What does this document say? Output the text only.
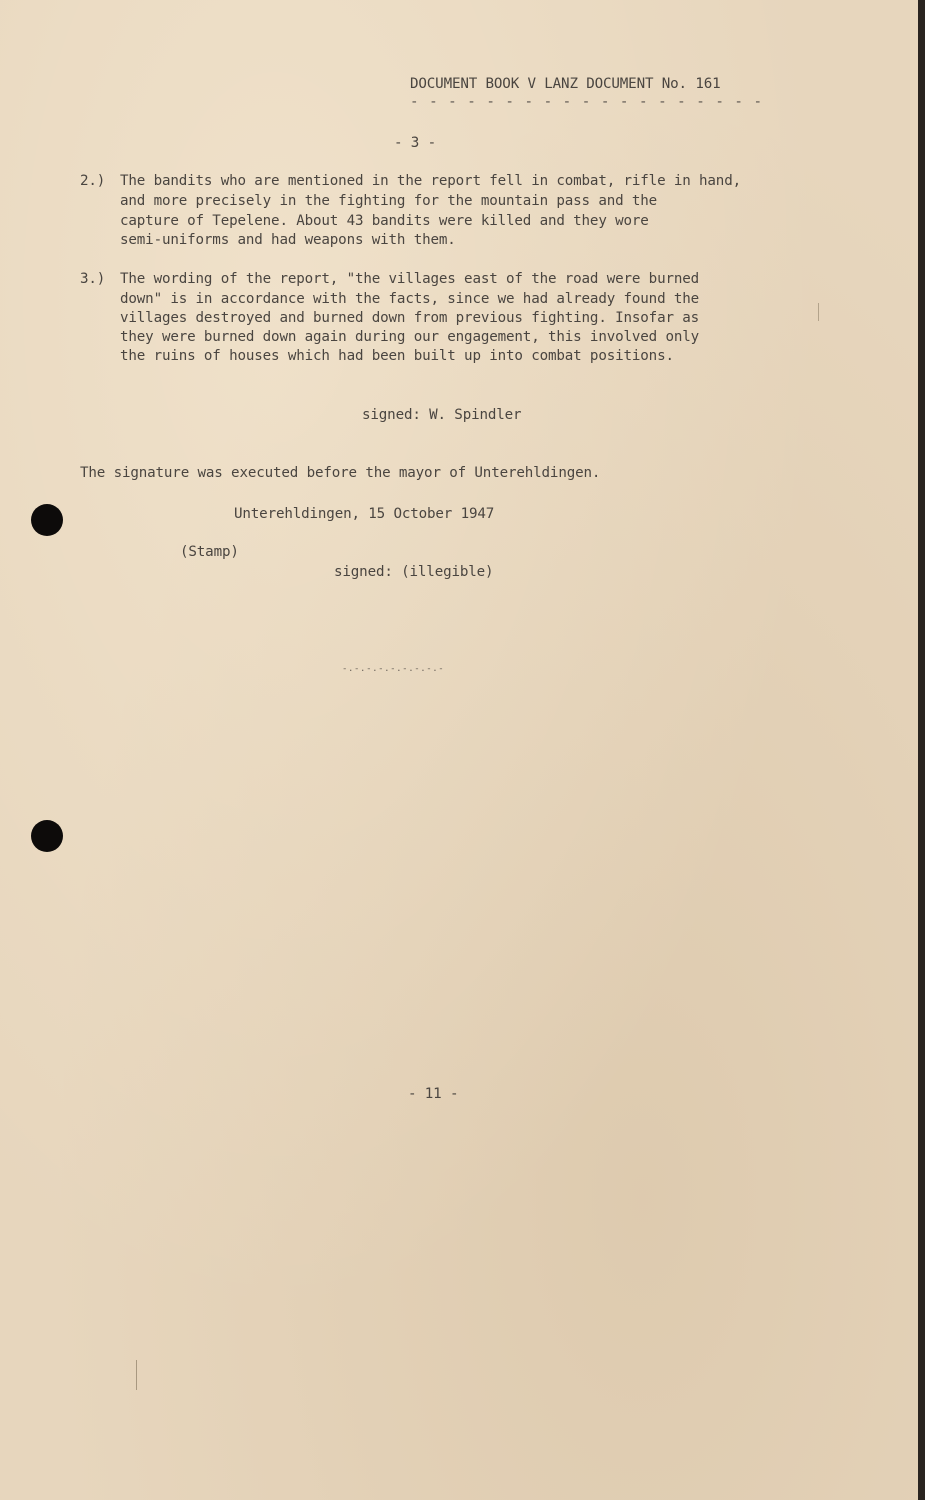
DOCUMENT BOOK V LANZ DOCUMENT No. 161
- - - - - - - - - - - - - - - - - - -
- 3 -
2.) The bandits who are mentioned in the report fell in combat, rifle in hand,
and more precisely in the fighting for the mountain pass and the
capture of Tepelene. About 43 bandits were killed and they wore
semi-uniforms and had weapons with them.
3.) The wording of the report, "the villages east of the road were burned
down" is in accordance with the facts, since we had already found the
villages destroyed and burned down from previous fighting. Insofar as
they were burned down again during our engagement, this involved only
the ruins of houses which had been built up into combat positions.
signed: W. Spindler
The signature was executed before the mayor of Unterehldingen.
Unterehldingen, 15 October 1947
(Stamp)
signed: (illegible)
-.-.-.-.-.-.-.-.-
- 11 -
